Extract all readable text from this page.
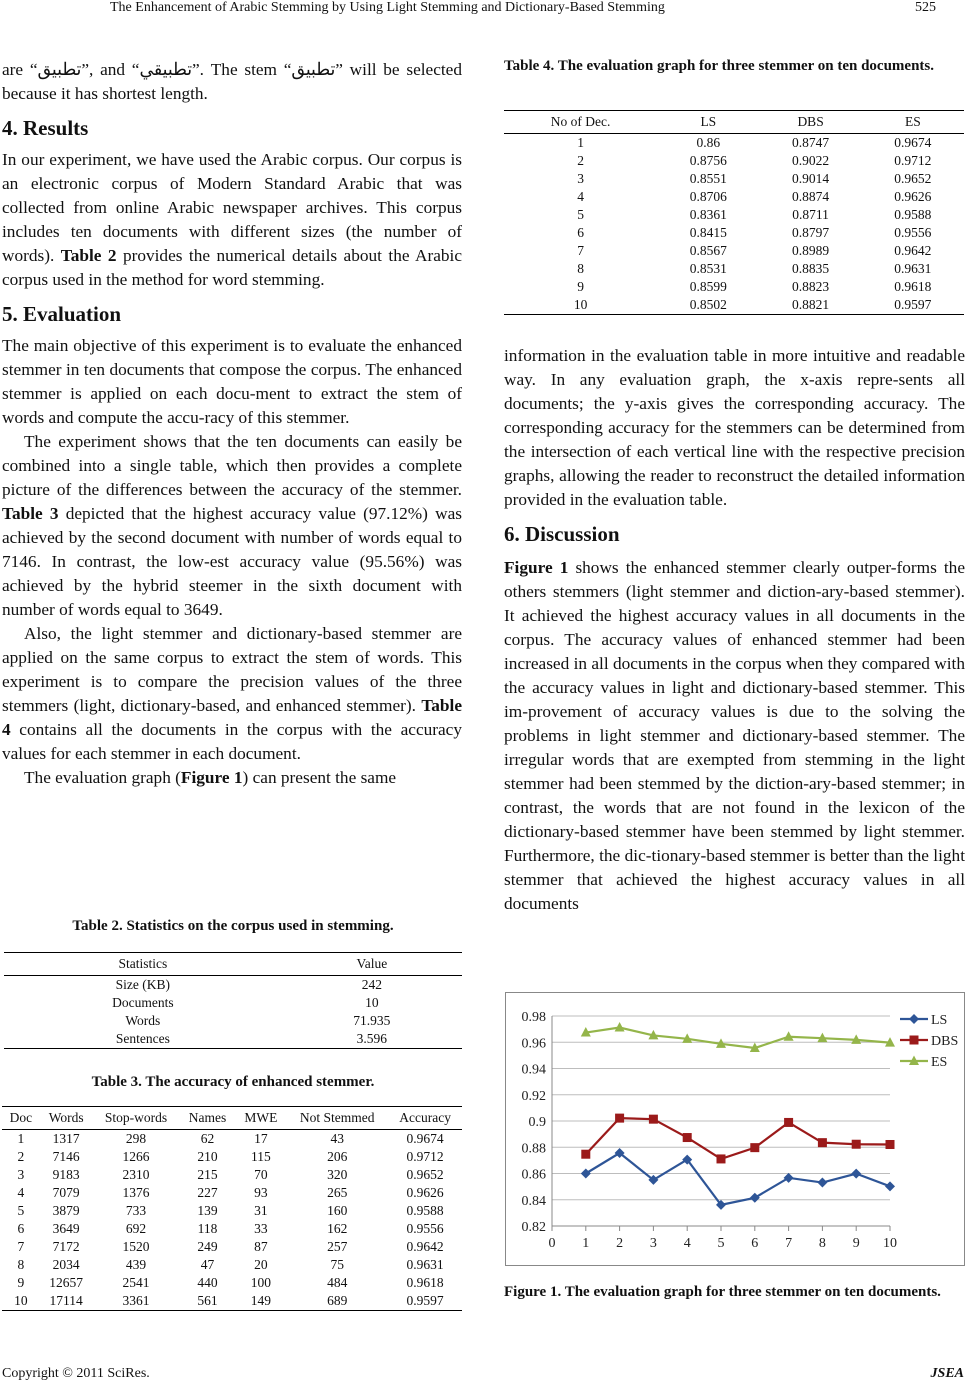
The Enhancement of Arabic Stemming by Using Light Stemming and Dictionary-Based Stemming	525

are “تطبيق”, and “تطبيقي”. The stem “تطبيق” will be selected because it has shortest length.

4. Results

In our experiment, we have used the Arabic corpus. Our corpus is an electronic corpus of Modern Standard Arabic that was collected from online Arabic newspaper archives. This corpus includes ten documents with different sizes (the number of words). Table 2 provides the numerical details about the Arabic corpus used in the method for word stemming.

5. Evaluation

The main objective of this experiment is to evaluate the enhanced stemmer in ten documents that compose the corpus. The enhanced stemmer is applied on each docu-ment to extract the stem of words and compute the accu-racy of this stemmer.

The experiment shows that the ten documents can easily be combined into a single table, which then provides a complete picture of the differences between the accuracy of the stemmer. Table 3 depicted that the highest accuracy value (97.12%) was achieved by the second document with number of words equal to 7146. In contrast, the low-est accuracy value (95.56%) was achieved by the hybrid steemer in the sixth document with number of words equal to 3649.

Also, the light stemmer and dictionary-based stemmer are applied on the same corpus to extract the stem of words. This experiment is to compare the precision values of the three stemmers (light, dictionary-based, and enhanced stemmer). Table 4 contains all the documents in the corpus with the accuracy values for each stemmer in each document.

The evaluation graph (Figure 1) can present the same

Table 2. Statistics on the corpus used in stemming.
Statistics	Value
Size (KB)	242
Documents	10
Words	71.935
Sentences	3.596
Table 3. The accuracy of enhanced stemmer.
Doc	Words	Stop-words	Names	MWE	Not Stemmed	Accuracy
1	1317	298	62	17	43	0.9674
2	7146	1266	210	115	206	0.9712
3	9183	2310	215	70	320	0.9652
4	7079	1376	227	93	265	0.9626
5	3879	733	139	31	160	0.9588
6	3649	692	118	33	162	0.9556
7	7172	1520	249	87	257	0.9642
8	2034	439	47	20	75	0.9631
9	12657	2541	440	100	484	0.9618
10	17114	3361	561	149	689	0.9597
Table 4. The evaluation graph for three stemmer on ten documents.
No of Dec.	LS	DBS	ES
1	0.86	0.8747	0.9674
2	0.8756	0.9022	0.9712
3	0.8551	0.9014	0.9652
4	0.8706	0.8874	0.9626
5	0.8361	0.8711	0.9588
6	0.8415	0.8797	0.9556
7	0.8567	0.8989	0.9642
8	0.8531	0.8835	0.9631
9	0.8599	0.8823	0.9618
10	0.8502	0.8821	0.9597

information in the evaluation table in more intuitive and readable way. In any evaluation graph, the x-axis repre-sents all documents; the y-axis gives the corresponding accuracy. The corresponding accuracy for the stemmers can be determined from the intersection of each vertical line with the respective precision graphs, allowing the reader to reconstruct the detailed information provided in the evaluation table.

6. Discussion

Figure 1 shows the enhanced stemmer clearly outper-forms the others stemmers (light stemmer and diction-ary-based stemmer). It achieved the highest accuracy values in all documents in the corpus. The accuracy values of enhanced stemmer had been increased in all documents in the corpus when they compared with the accuracy values in light and dictionary-based stemmer. This im-provement of accuracy values is due to the solving the problems in light stemmer and dictionary-based stemmer. The irregular words that are exempted from stemming in the light stemmer had been stemmed by the diction-ary-based stemmer; in contrast, the words that are not found in the lexicon of the dictionary-based stemmer have been stemmed by light stemmer. Furthermore, the dic-tionary-based stemmer is better than the light stemmer that achieved the highest accuracy values in all documents

0.82
0.84
0.86
0.88
0.9
0.92
0.94
0.96
0.98
0 1 2 3 4 5 6 7 8 9 10
LS
DBS
ES
Figure 1. The evaluation graph for three stemmer on ten documents.
Copyright © 2011 SciRes.	JSEA
